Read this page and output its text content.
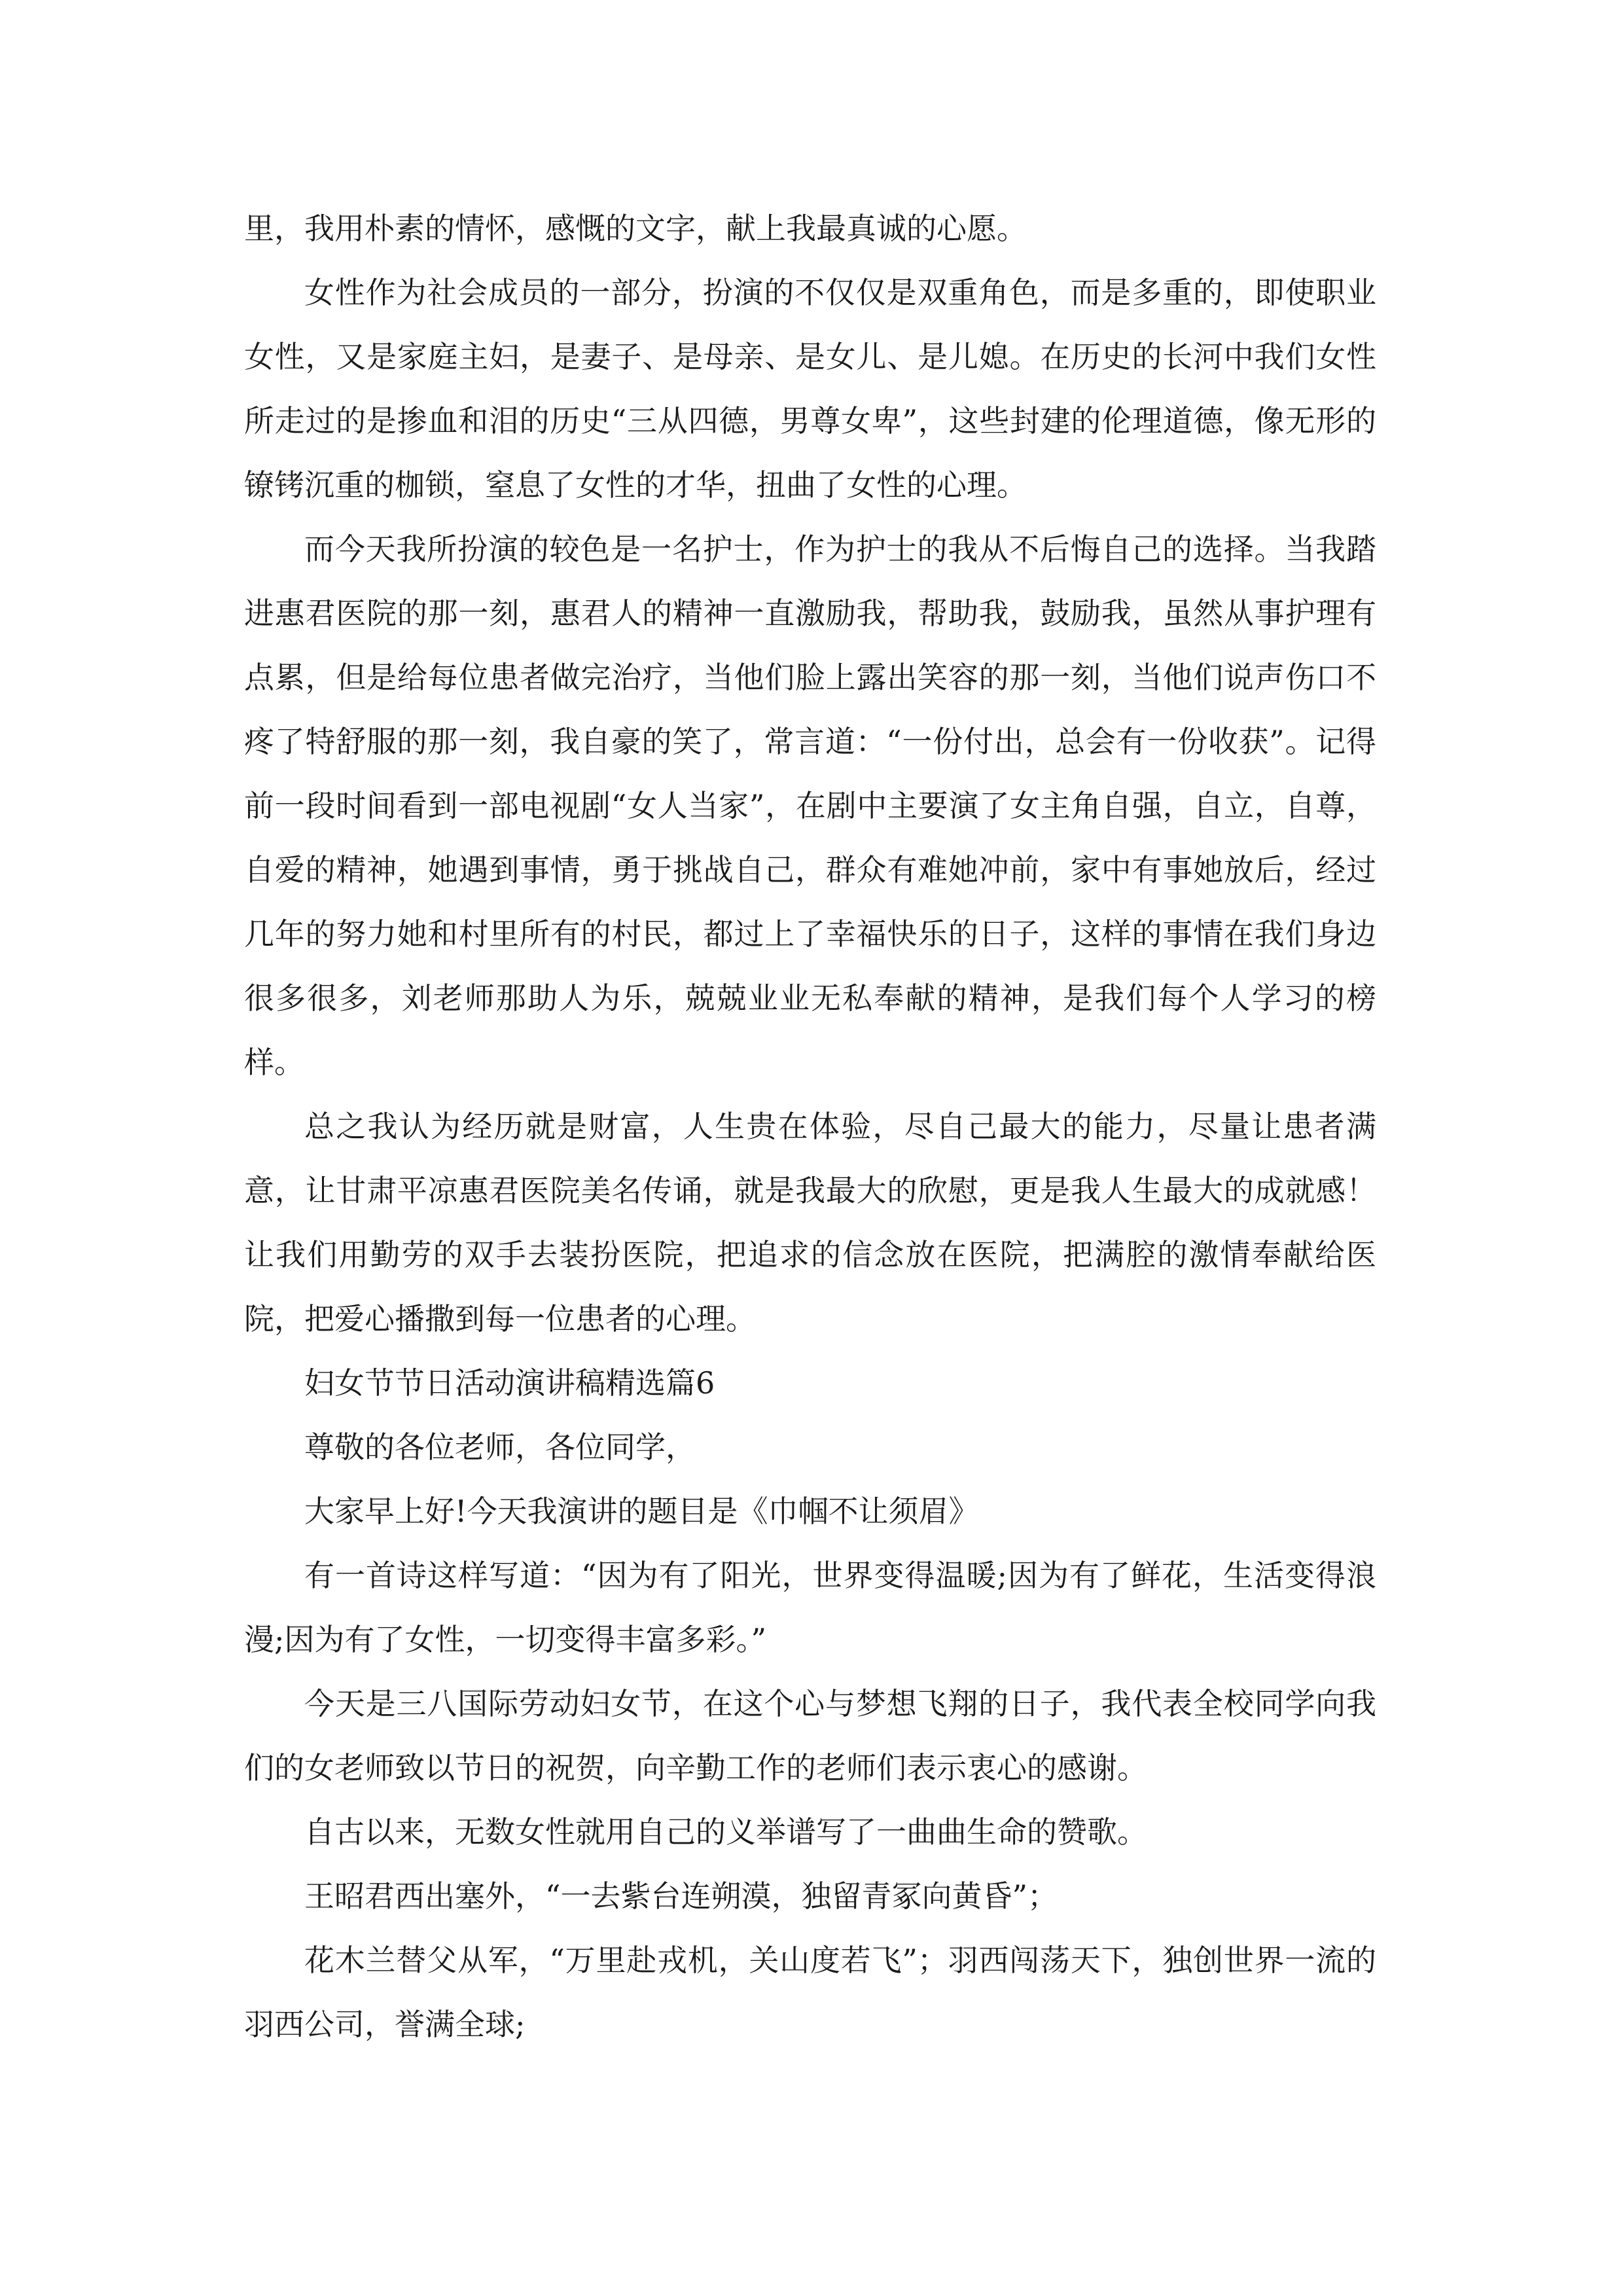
里，我用朴素的情怀，感慨的文字，献上我最真诚的心愿。

女性作为社会成员的一部分，扮演的不仅仅是双重角色，而是多重的，即使职业女性，又是家庭主妇，是妻子、是母亲、是女儿、是儿媳。在历史的长河中我们女性所走过的是掺血和泪的历史“三从四德，男尊女卑”，这些封建的伦理道德，像无形的镣铐沉重的枷锁，窒息了女性的才华，扭曲了女性的心理。

而今天我所扮演的较色是一名护士，作为护士的我从不后悔自己的选择。当我踏进惠君医院的那一刻，惠君人的精神一直激励我，帮助我，鼓励我，虽然从事护理有点累，但是给每位患者做完治疗，当他们脸上露出笑容的那一刻，当他们说声伤口不疼了特舒服的那一刻，我自豪的笑了，常言道：“一份付出，总会有一份收获”。记得前一段时间看到一部电视剧“女人当家”，在剧中主要演了女主角自强，自立，自尊，自爱的精神，她遇到事情，勇于挑战自己，群众有难她冲前，家中有事她放后，经过几年的努力她和村里所有的村民，都过上了幸福快乐的日子，这样的事情在我们身边很多很多，刘老师那助人为乐，兢兢业业无私奉献的精神，是我们每个人学习的榜样。

总之我认为经历就是财富，人生贵在体验，尽自己最大的能力，尽量让患者满意，让甘肃平凉惠君医院美名传诵，就是我最大的欣慰，更是我人生最大的成就感！让我们用勤劳的双手去装扮医院，把追求的信念放在医院，把满腔的激情奉献给医院，把爱心播撒到每一位患者的心理。

妇女节节日活动演讲稿精选篇6

尊敬的各位老师，各位同学，

大家早上好!今天我演讲的题目是《巾帼不让须眉》

有一首诗这样写道：“因为有了阳光，世界变得温暖;因为有了鲜花，生活变得浪漫;因为有了女性，一切变得丰富多彩。”

今天是三八国际劳动妇女节，在这个心与梦想飞翔的日子，我代表全校同学向我们的女老师致以节日的祝贺，向辛勤工作的老师们表示衷心的感谢。

自古以来，无数女性就用自己的义举谱写了一曲曲生命的赞歌。

王昭君西出塞外，“一去紫台连朔漠，独留青冢向黄昏”；

花木兰替父从军，“万里赴戎机，关山度若飞”；羽西闯荡天下，独创世界一流的羽西公司，誉满全球;
